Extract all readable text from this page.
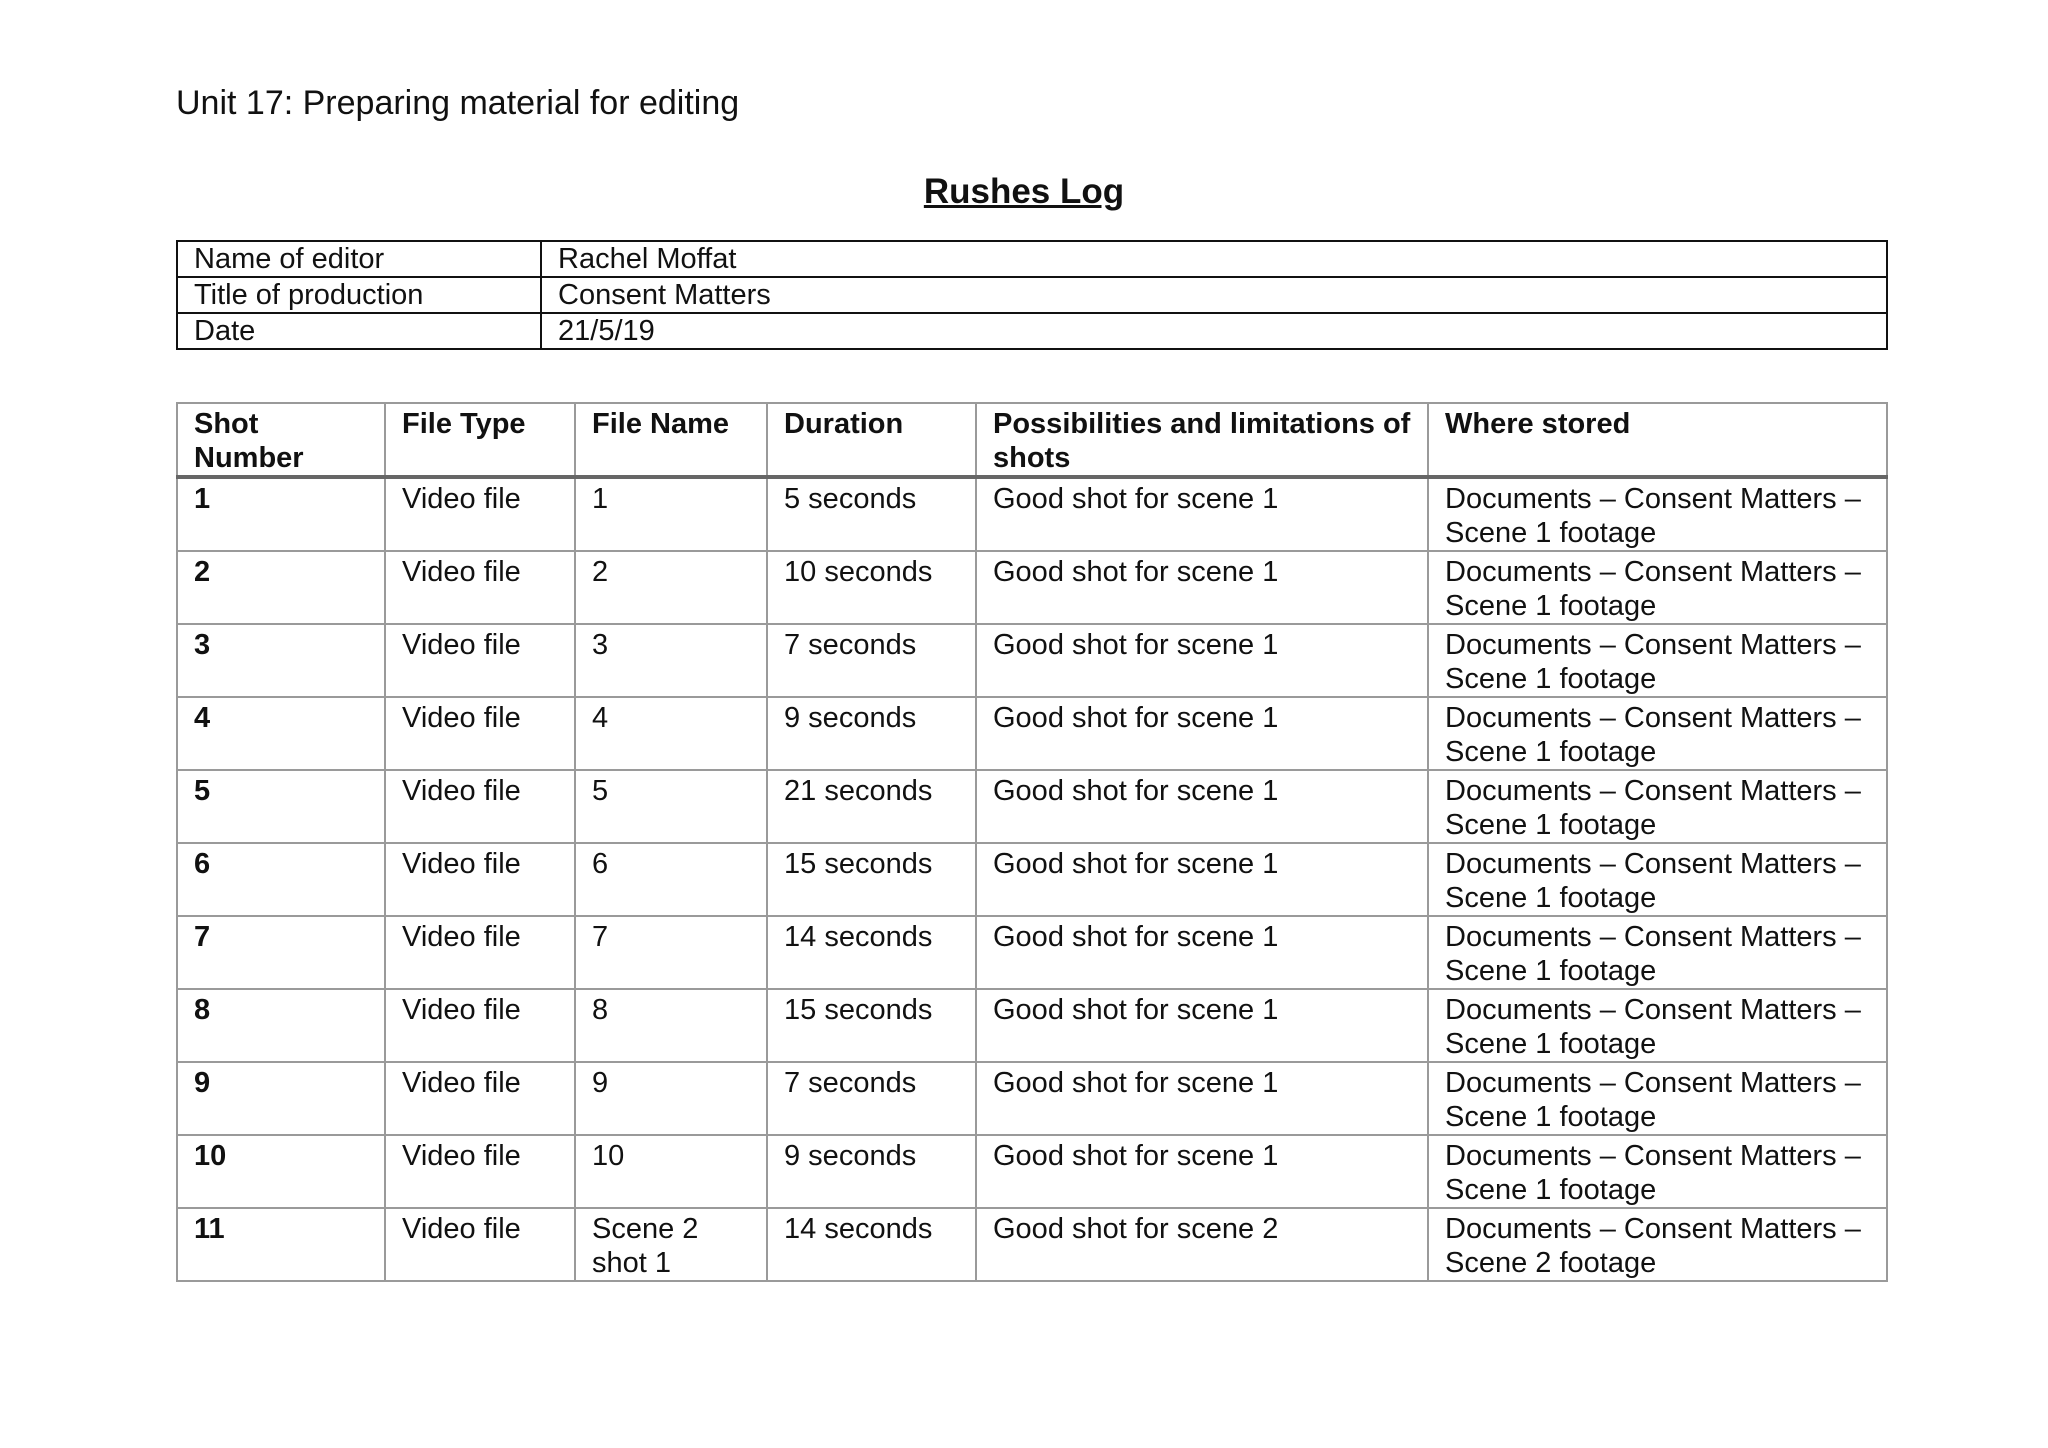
Unit 17: Preparing material for editing
Rushes Log
Name of editor	Rachel Moffat
Title of production	Consent Matters
Date	21/5/19
Shot Number	File Type	File Name	Duration	Possibilities and limitations of shots	Where stored
1	Video file	1	5 seconds	Good shot for scene 1	Documents – Consent Matters – Scene 1 footage
2	Video file	2	10 seconds	Good shot for scene 1	Documents – Consent Matters – Scene 1 footage
3	Video file	3	7 seconds	Good shot for scene 1	Documents – Consent Matters – Scene 1 footage
4	Video file	4	9 seconds	Good shot for scene 1	Documents – Consent Matters – Scene 1 footage
5	Video file	5	21 seconds	Good shot for scene 1	Documents – Consent Matters – Scene 1 footage
6	Video file	6	15 seconds	Good shot for scene 1	Documents – Consent Matters – Scene 1 footage
7	Video file	7	14 seconds	Good shot for scene 1	Documents – Consent Matters – Scene 1 footage
8	Video file	8	15 seconds	Good shot for scene 1	Documents – Consent Matters – Scene 1 footage
9	Video file	9	7 seconds	Good shot for scene 1	Documents – Consent Matters – Scene 1 footage
10	Video file	10	9 seconds	Good shot for scene 1	Documents – Consent Matters – Scene 1 footage
11	Video file	Scene 2 shot 1	14 seconds	Good shot for scene 2	Documents – Consent Matters – Scene 2 footage
